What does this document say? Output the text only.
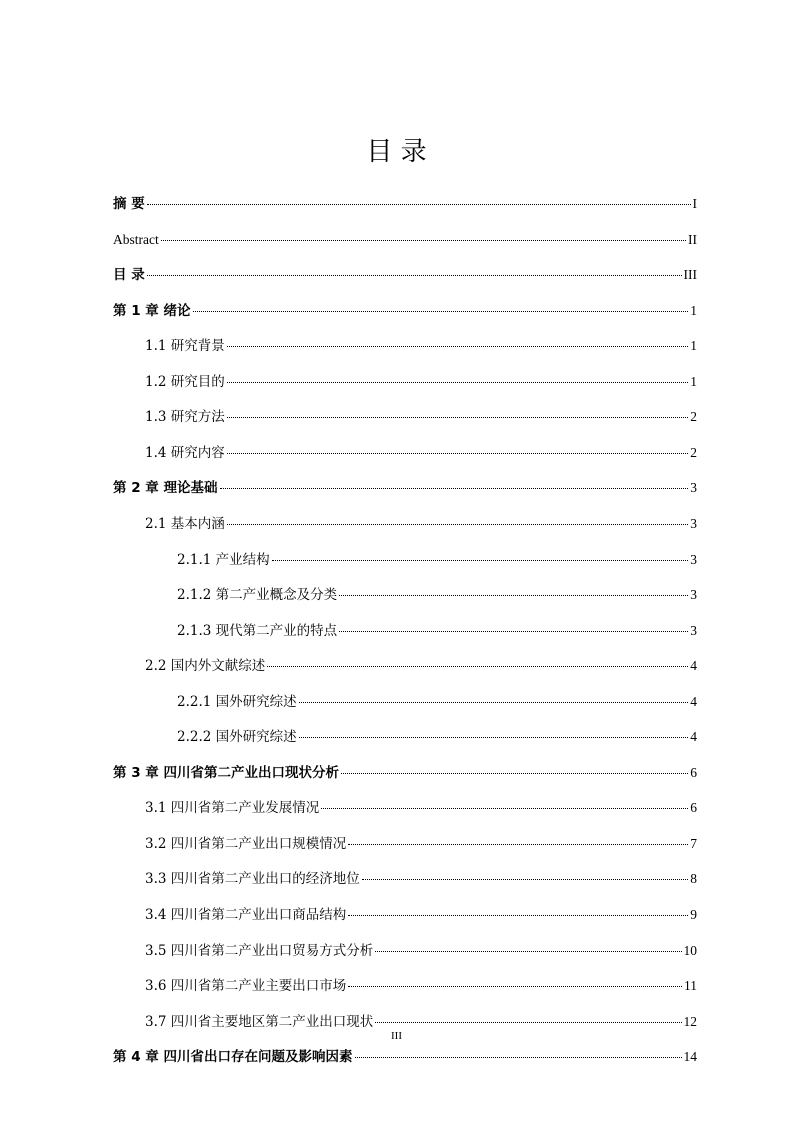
目 录
摘 要	I
Abstract	II
目 录	III
第 1 章 绪论	1
1.1 研究背景	1
1.2 研究目的	1
1.3 研究方法	2
1.4 研究内容	2
第 2 章 理论基础	3
2.1 基本内涵	3
2.1.1 产业结构	3
2.1.2 第二产业概念及分类	3
2.1.3 现代第二产业的特点	3
2.2 国内外文献综述	4
2.2.1 国外研究综述	4
2.2.2 国外研究综述	4
第 3 章 四川省第二产业出口现状分析	6
3.1 四川省第二产业发展情况	6
3.2 四川省第二产业出口规模情况	7
3.3 四川省第二产业出口的经济地位	8
3.4 四川省第二产业出口商品结构	9
3.5 四川省第二产业出口贸易方式分析	10
3.6 四川省第二产业主要出口市场	11
3.7 四川省主要地区第二产业出口现状	12
第 4 章 四川省出口存在问题及影响因素	14
III
